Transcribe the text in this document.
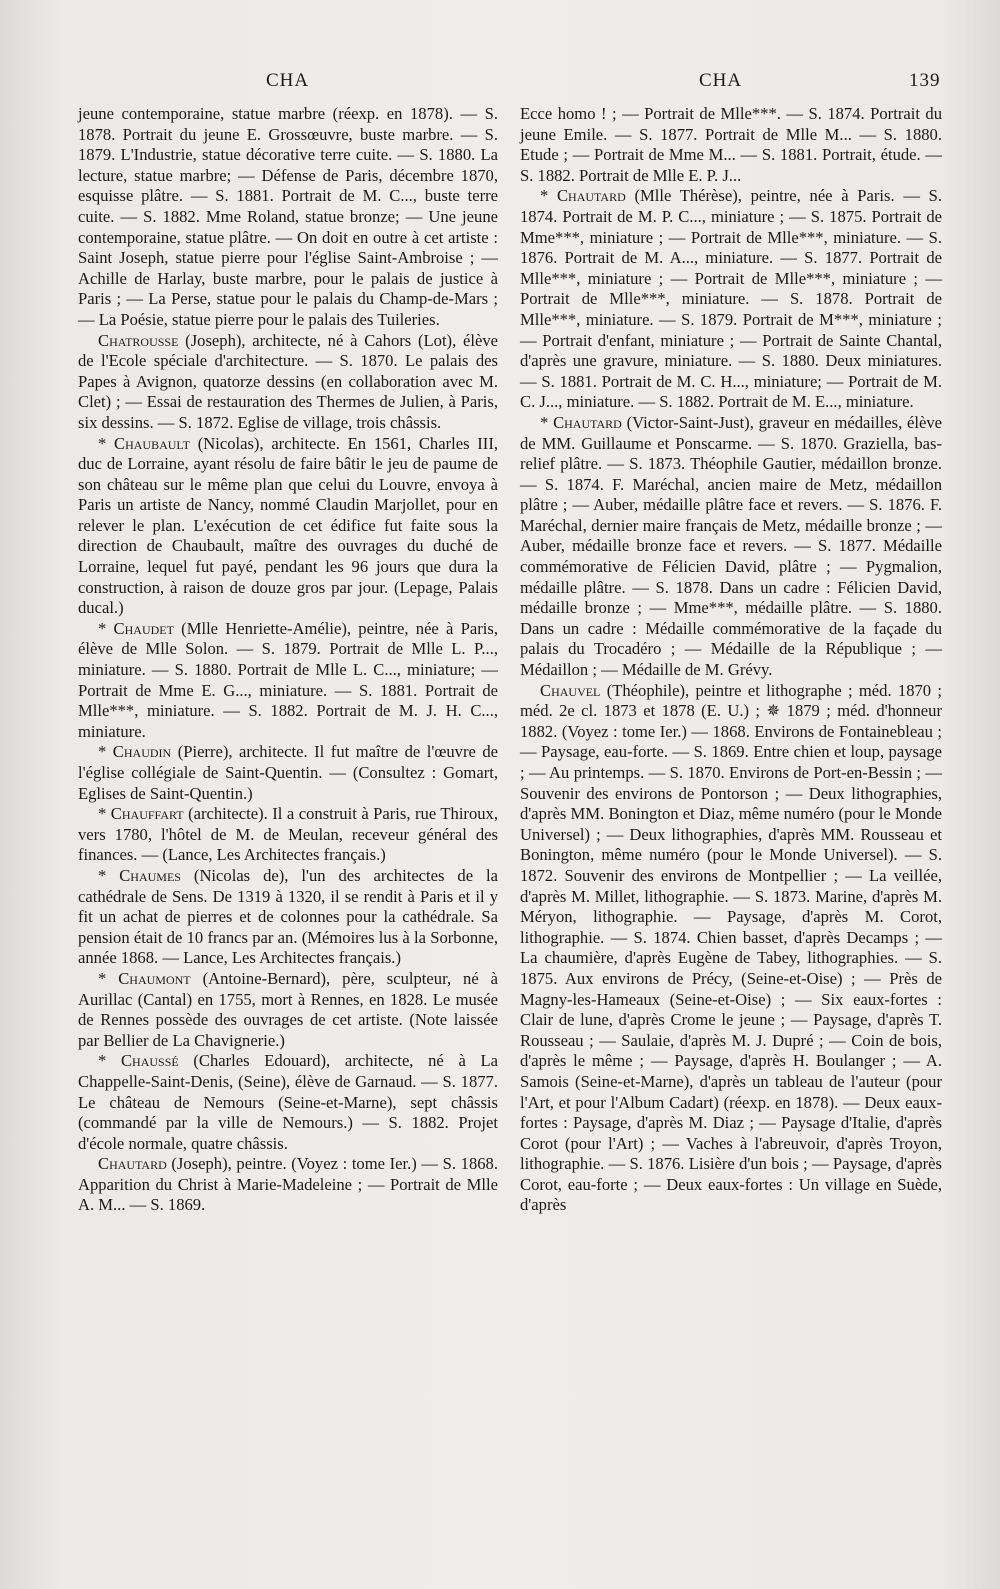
CHA	CHA	139

jeune contemporaine, statue marbre (réexp. en 1878). — S. 1878. Portrait du jeune E. Grossœuvre, buste marbre. — S. 1879. L'Industrie, statue décorative terre cuite. — S. 1880. La lecture, statue marbre; — Défense de Paris, décembre 1870, esquisse plâtre. — S. 1881. Portrait de M. C..., buste terre cuite. — S. 1882. Mme Roland, statue bronze; — Une jeune contemporaine, statue plâtre. — On doit en outre à cet artiste : Saint Joseph, statue pierre pour l'église Saint-Ambroise ; — Achille de Harlay, buste marbre, pour le palais de justice à Paris ; — La Perse, statue pour le palais du Champ-de-Mars ; — La Poésie, statue pierre pour le palais des Tuileries.

Chatrousse (Joseph), architecte, né à Cahors (Lot), élève de l'Ecole spéciale d'architecture. — S. 1870. Le palais des Papes à Avignon, quatorze dessins (en collaboration avec M. Clet) ; — Essai de restauration des Thermes de Julien, à Paris, six dessins. — S. 1872. Eglise de village, trois châssis.

* Chaubault (Nicolas), architecte. En 1561, Charles III, duc de Lorraine, ayant résolu de faire bâtir le jeu de paume de son château sur le même plan que celui du Louvre, envoya à Paris un artiste de Nancy, nommé Claudin Marjollet, pour en relever le plan. L'exécution de cet édifice fut faite sous la direction de Chaubault, maître des ouvrages du duché de Lorraine, lequel fut payé, pendant les 96 jours que dura la construction, à raison de douze gros par jour. (Lepage, Palais ducal.)

* Chaudet (Mlle Henriette-Amélie), peintre, née à Paris, élève de Mlle Solon. — S. 1879. Portrait de Mlle L. P..., miniature. — S. 1880. Portrait de Mlle L. C..., miniature; — Portrait de Mme E. G..., miniature. — S. 1881. Portrait de Mlle***, miniature. — S. 1882. Portrait de M. J. H. C..., miniature.

* Chaudin (Pierre), architecte. Il fut maître de l'œuvre de l'église collégiale de Saint-Quentin. — (Consultez : Gomart, Eglises de Saint-Quentin.)

* Chauffart (architecte). Il a construit à Paris, rue Thiroux, vers 1780, l'hôtel de M. de Meulan, receveur général des finances. — (Lance, Les Architectes français.)

* Chaumes (Nicolas de), l'un des architectes de la cathédrale de Sens. De 1319 à 1320, il se rendit à Paris et il y fit un achat de pierres et de colonnes pour la cathédrale. Sa pension était de 10 francs par an. (Mémoires lus à la Sorbonne, année 1868. — Lance, Les Architectes français.)

* Chaumont (Antoine-Bernard), père, sculpteur, né à Aurillac (Cantal) en 1755, mort à Rennes, en 1828. Le musée de Rennes possède des ouvrages de cet artiste. (Note laissée par Bellier de La Chavignerie.)

* Chaussé (Charles Edouard), architecte, né à La Chappelle-Saint-Denis, (Seine), élève de Garnaud. — S. 1877. Le château de Nemours (Seine-et-Marne), sept châssis (commandé par la ville de Nemours.) — S. 1882. Projet d'école normale, quatre châssis.

Chautard (Joseph), peintre. (Voyez : tome Ier.) — S. 1868. Apparition du Christ à Marie-Madeleine ; — Portrait de Mlle A. M... — S. 1869.

Ecce homo ! ; — Portrait de Mlle***. — S. 1874. Portrait du jeune Emile. — S. 1877. Portrait de Mlle M... — S. 1880. Etude ; — Portrait de Mme M... — S. 1881. Portrait, étude. — S. 1882. Portrait de Mlle E. P. J...

* Chautard (Mlle Thérèse), peintre, née à Paris. — S. 1874. Portrait de M. P. C..., miniature ; — S. 1875. Portrait de Mme***, miniature ; — Portrait de Mlle***, miniature. — S. 1876. Portrait de M. A..., miniature. — S. 1877. Portrait de Mlle***, miniature ; — Portrait de Mlle***, miniature ; — Portrait de Mlle***, miniature. — S. 1878. Portrait de Mlle***, miniature. — S. 1879. Portrait de M***, miniature ; — Portrait d'enfant, miniature ; — Portrait de Sainte Chantal, d'après une gravure, miniature. — S. 1880. Deux miniatures. — S. 1881. Portrait de M. C. H..., miniature; — Portrait de M. C. J..., miniature. — S. 1882. Portrait de M. E..., miniature.

* Chautard (Victor-Saint-Just), graveur en médailles, élève de MM. Guillaume et Ponscarme. — S. 1870. Graziella, bas-relief plâtre. — S. 1873. Théophile Gautier, médaillon bronze. — S. 1874. F. Maréchal, ancien maire de Metz, médaillon plâtre ; — Auber, médaille plâtre face et revers. — S. 1876. F. Maréchal, dernier maire français de Metz, médaille bronze ; — Auber, médaille bronze face et revers. — S. 1877. Médaille commémorative de Félicien David, plâtre ; — Pygmalion, médaille plâtre. — S. 1878. Dans un cadre : Félicien David, médaille bronze ; — Mme***, médaille plâtre. — S. 1880. Dans un cadre : Médaille commémorative de la façade du palais du Trocadéro ; — Médaille de la République ; — Médaillon ; — Médaille de M. Grévy.

Chauvel (Théophile), peintre et lithographe ; méd. 1870 ; méd. 2e cl. 1873 et 1878 (E. U.) ; ✵ 1879 ; méd. d'honneur 1882. (Voyez : tome Ier.) — 1868. Environs de Fontainebleau ; — Paysage, eau-forte. — S. 1869. Entre chien et loup, paysage ; — Au printemps. — S. 1870. Environs de Port-en-Bessin ; — Souvenir des environs de Pontorson ; — Deux lithographies, d'après MM. Bonington et Diaz, même numéro (pour le Monde Universel) ; — Deux lithographies, d'après MM. Rousseau et Bonington, même numéro (pour le Monde Universel). — S. 1872. Souvenir des environs de Montpellier ; — La veillée, d'après M. Millet, lithographie. — S. 1873. Marine, d'après M. Méryon, lithographie. — Paysage, d'après M. Corot, lithographie. — S. 1874. Chien basset, d'après Decamps ; — La chaumière, d'après Eugène de Tabey, lithographies. — S. 1875. Aux environs de Précy, (Seine-et-Oise) ; — Près de Magny-les-Hameaux (Seine-et-Oise) ; — Six eaux-fortes : Clair de lune, d'après Crome le jeune ; — Paysage, d'après T. Rousseau ; — Saulaie, d'après M. J. Dupré ; — Coin de bois, d'après le même ; — Paysage, d'après H. Boulanger ; — A. Samois (Seine-et-Marne), d'après un tableau de l'auteur (pour l'Art, et pour l'Album Cadart) (réexp. en 1878). — Deux eaux-fortes : Paysage, d'après M. Diaz ; — Paysage d'Italie, d'après Corot (pour l'Art) ; — Vaches à l'abreuvoir, d'après Troyon, lithographie. — S. 1876. Lisière d'un bois ; — Paysage, d'après Corot, eau-forte ; — Deux eaux-fortes : Un village en Suède, d'après
